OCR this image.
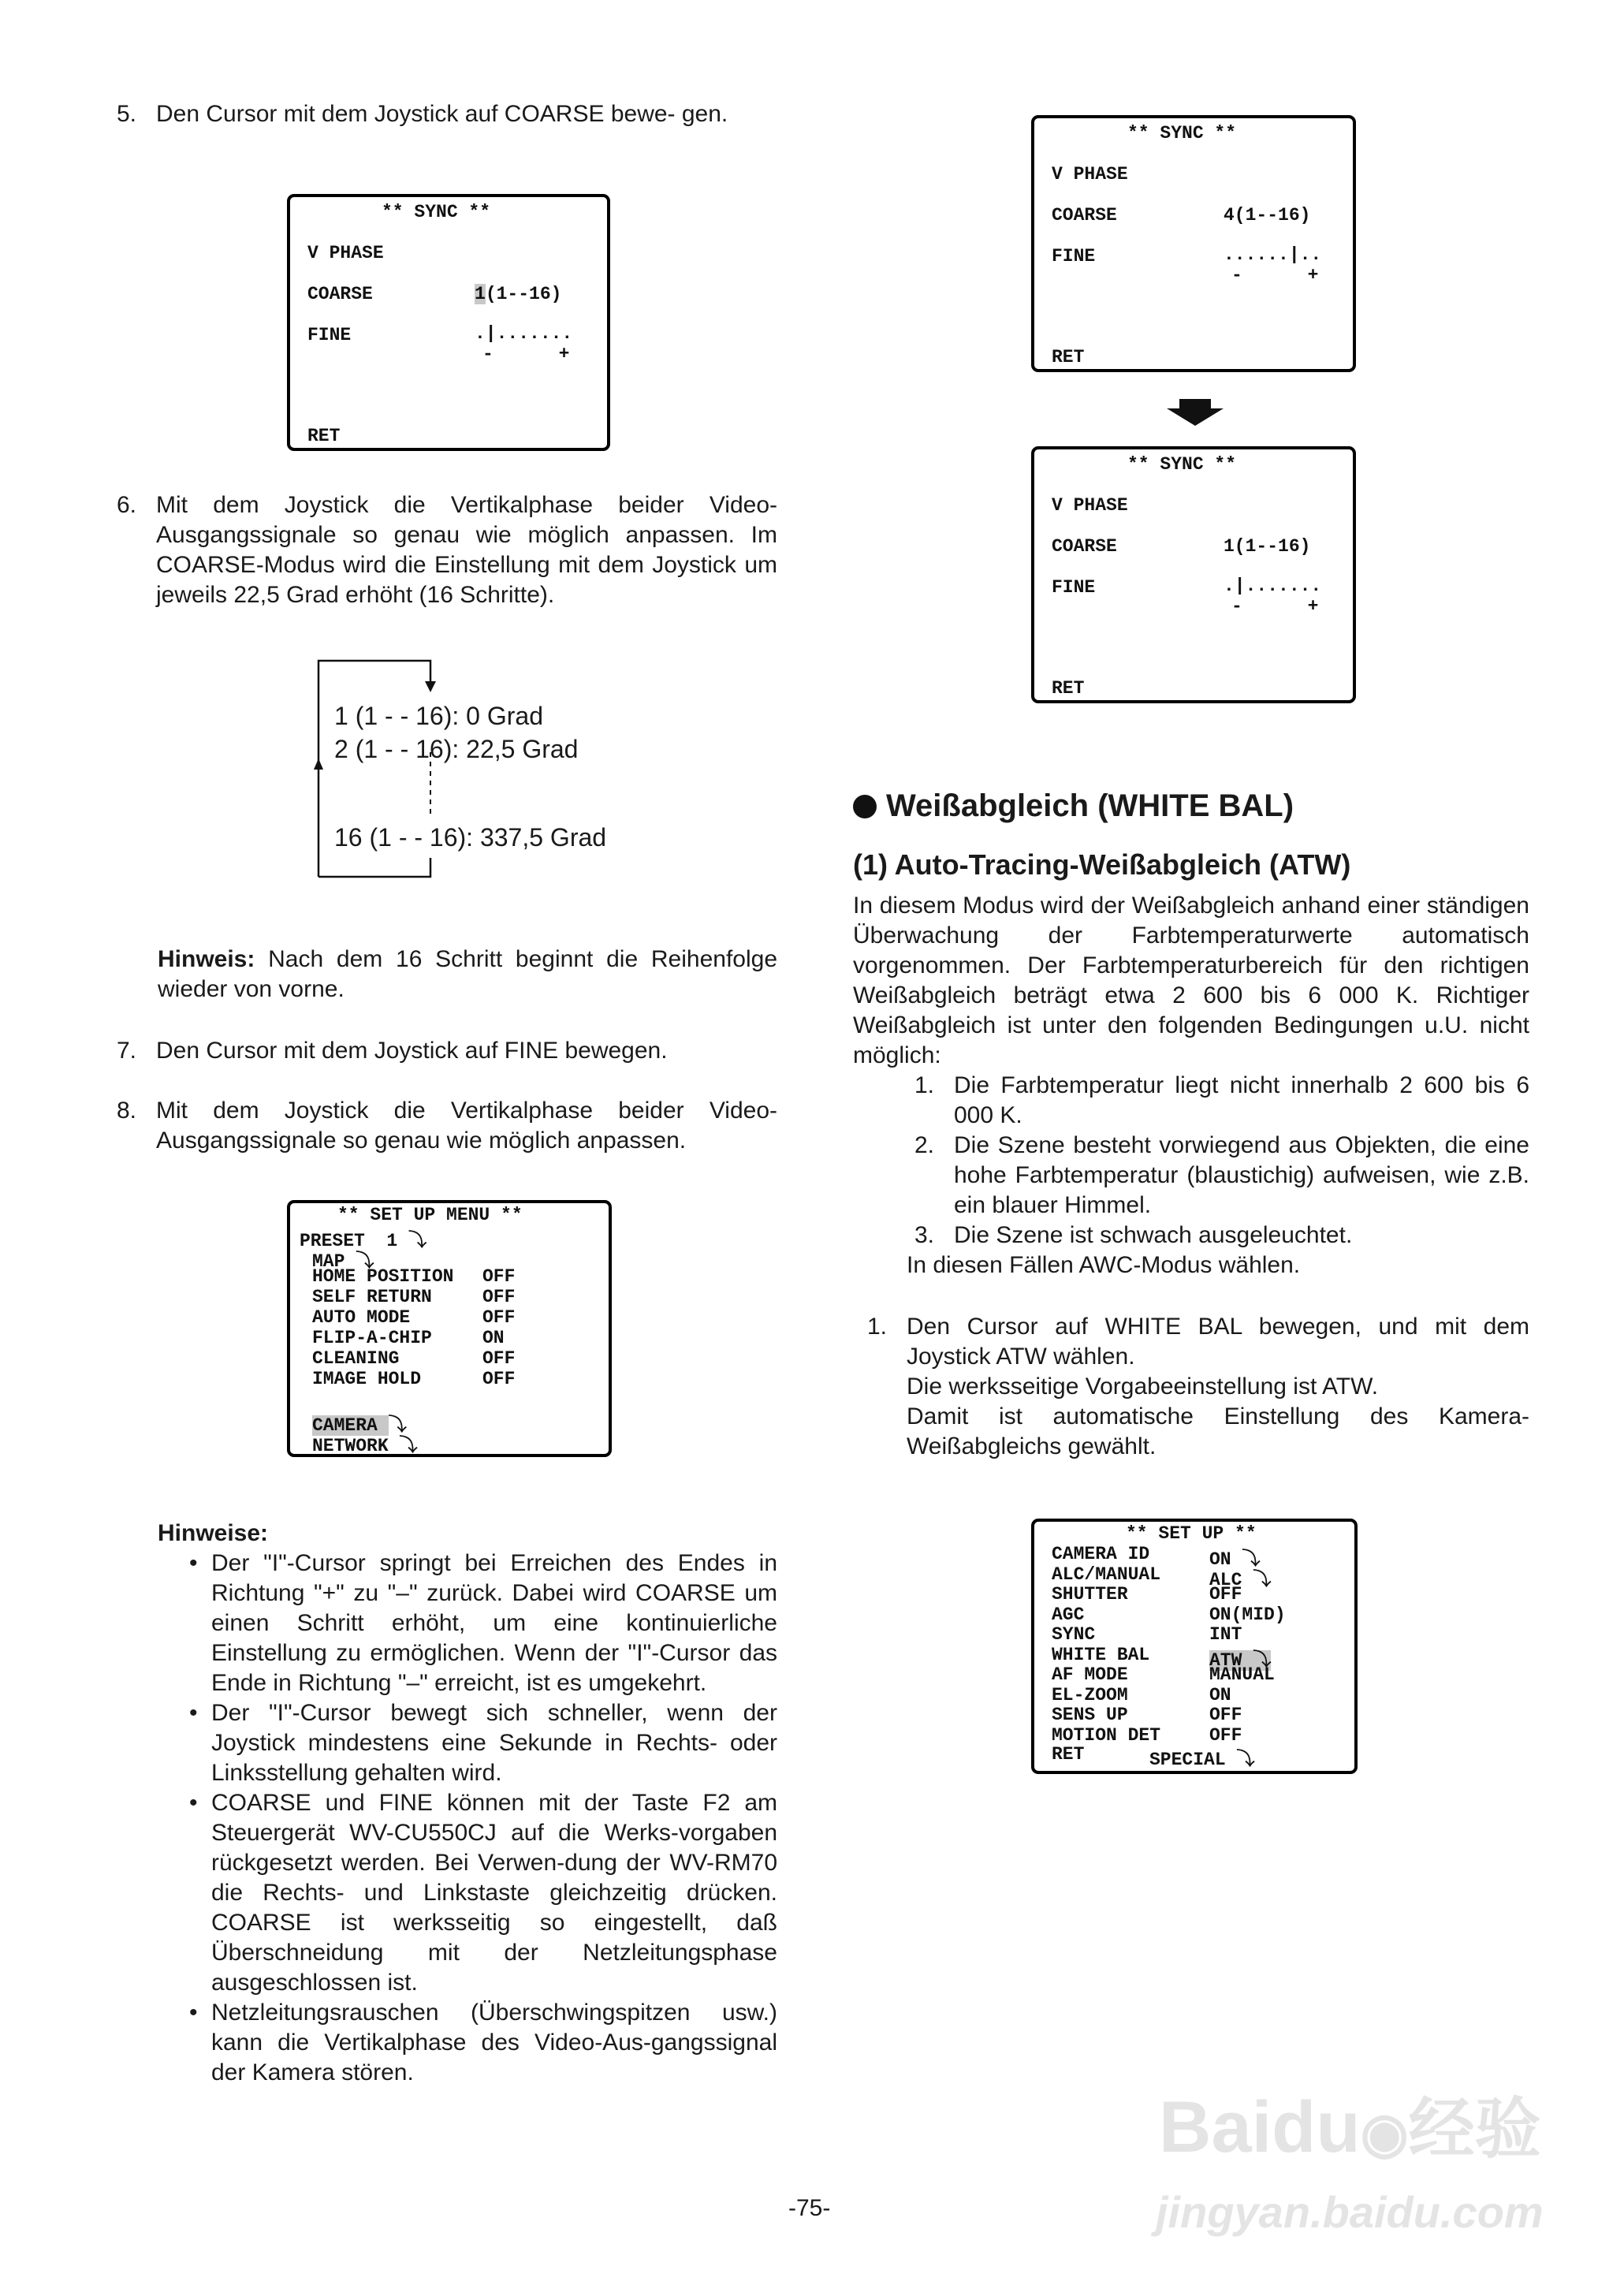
5. Den Cursor mit dem Joystick auf COARSE bewe- gen.
** SYNC **
V PHASE
COARSE	1(1--16)
FINE	.|.......
-      +
RET
6. Mit dem Joystick die Vertikalphase beider Video-Ausgangssignale so genau wie möglich anpassen. Im COARSE-Modus wird die Einstellung mit dem Joystick um jeweils 22,5 Grad erhöht (16 Schritte).
1 (1 - - 16): 0 Grad
2 (1 - - 16): 22,5 Grad
16 (1 - - 16): 337,5 Grad
Hinweis: Nach dem 16 Schritt beginnt die Reihenfolge wieder von vorne.
7. Den Cursor mit dem Joystick auf FINE bewegen.
8. Mit dem Joystick die Vertikalphase beider Video-Ausgangssignale so genau wie möglich anpassen.
** SET UP MENU **
PRESET  1 ⤵
MAP ⤵
HOME POSITION OFF
SELF RETURN	OFF
AUTO MODE	OFF
FLIP-A-CHIP	ON
CLEANING	OFF
IMAGE HOLD	OFF
CAMERA ⤵
NETWORK ⤵
Hinweise:
• Der "I"-Cursor springt bei Erreichen des Endes in Richtung "+" zu "–" zurück. Dabei wird COARSE um einen Schritt erhöht, um eine kontinuierliche Einstellung zu ermöglichen. Wenn der "I"-Cursor das Ende in Richtung "–" erreicht, ist es umgekehrt.
• Der "I"-Cursor bewegt sich schneller, wenn der Joystick mindestens eine Sekunde in Rechts- oder Linksstellung gehalten wird.
• COARSE und FINE können mit der Taste F2 am Steuergerät WV-CU550CJ auf die Werks-vorgaben rückgesetzt werden. Bei Verwen-dung der WV-RM70 die Rechts- und Linkstaste gleichzeitig drücken. COARSE ist werksseitig so eingestellt, daß Überschneidung mit der Netzleitungsphase ausgeschlossen ist.
• Netzleitungsrauschen (Überschwingspitzen usw.) kann die Vertikalphase des Video-Aus-gangssignal der Kamera stören.
** SYNC **
V PHASE
COARSE	4(1--16)
FINE	......|..
-      +
RET
** SYNC **
V PHASE
COARSE	1(1--16)
FINE	.|.......
-      +
RET
Weißabgleich (WHITE BAL)
(1) Auto-Tracing-Weißabgleich (ATW)
In diesem Modus wird der Weißabgleich anhand einer ständigen Überwachung der Farbtemperaturwerte automatisch vorgenommen. Der Farbtemperaturbereich für den richtigen Weißabgleich beträgt etwa 2 600 bis 6 000 K. Richtiger Weißabgleich ist unter den folgenden Bedingungen u.U. nicht möglich:
1. Die Farbtemperatur liegt nicht innerhalb 2 600 bis 6 000 K.
2. Die Szene besteht vorwiegend aus Objekten, die eine hohe Farbtemperatur (blaustichig) aufweisen, wie z.B. ein blauer Himmel.
3. Die Szene ist schwach ausgeleuchtet.
In diesen Fällen AWC-Modus wählen.
1. Den Cursor auf WHITE BAL bewegen, und mit dem Joystick ATW wählen.
Die werksseitige Vorgabeeinstellung ist ATW.
Damit ist automatische Einstellung des Kamera-Weißabgleichs gewählt.
** SET UP **
CAMERA ID	ON ⤵
ALC/MANUAL	ALC ⤵
SHUTTER	OFF
AGC	ON(MID)
SYNC	INT
WHITE BAL	ATW ⤵
AF MODE	MANUAL
EL-ZOOM	ON
SENS UP	OFF
MOTION DET	OFF
RET	SPECIAL ⤵
-75-
Baidu◉经验
jingyan.baidu.com
